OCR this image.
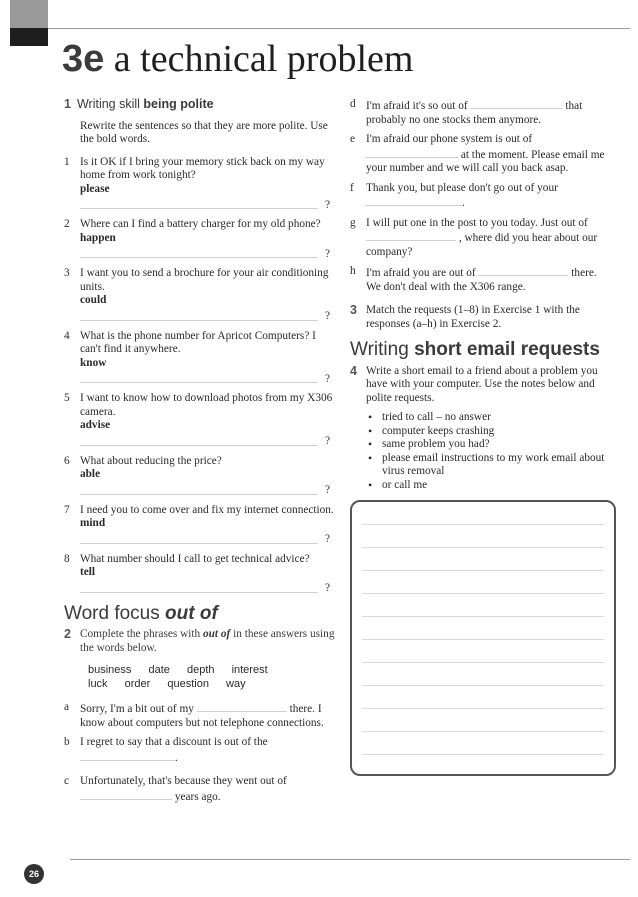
3e a technical problem
1 Writing skill being polite
Rewrite the sentences so that they are more polite. Use the bold words.
1 Is it OK if I bring your memory stick back on my way home from work tonight?
please
?
2 Where can I find a battery charger for my old phone?
happen
?
3 I want you to send a brochure for your air conditioning units.
could
?
4 What is the phone number for Apricot Computers? I can't find it anywhere.
know
?
5 I want to know how to download photos from my X306 camera.
advise
?
6 What about reducing the price?
able
?
7 I need you to come over and fix my internet connection.
mind
?
8 What number should I call to get technical advice?
tell
?
Word focus out of
2 Complete the phrases with out of in these answers using the words below.
business date depth interest
luck order question way
a Sorry, I'm a bit out of my	there. I know about computers but not telephone connections.
b I regret to say that a discount is out of the
.
c Unfortunately, that's because they went out of
years ago.
d I'm afraid it's so out of	that probably no one stocks them anymore.
e I'm afraid our phone system is out of
at the moment. Please email me your number and we will call you back asap.
f Thank you, but please don't go out of your
.
g I will put one in the post to you today. Just out of  , where did you hear about our company?
h I'm afraid you are out of	there. We don't deal with the X306 range.
3 Match the requests (1–8) in Exercise 1 with the responses (a–h) in Exercise 2.
Writing short email requests
4 Write a short email to a friend about a problem you have with your computer. Use the notes below and polite requests.
• tried to call – no answer
• computer keeps crashing
• same problem you had?
• please email instructions to my work email about virus removal
• or call me
26
